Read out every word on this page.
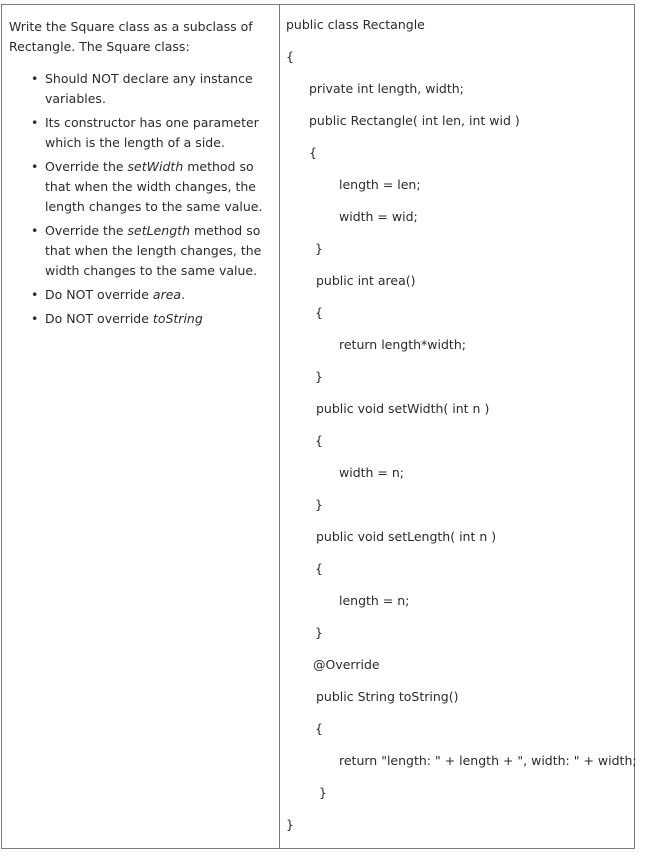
Write the Square class as a subclass of Rectangle. The Square class:

• Should NOT declare any instance variables.
• Its constructor has one parameter which is the length of a side.
• Override the setWidth method so that when the width changes, the length changes to the same value.
• Override the setLength method so that when the length changes, the width changes to the same value.
• Do NOT override area.
• Do NOT override toString
public class Rectangle
{
private int length, width;
public Rectangle( int len, int wid )
{
length = len;
width = wid;
}
public int area()
{
return length*width;
}
public void setWidth( int n )
{
width = n;
}
public void setLength( int n )
{
length = n;
}
@Override
public String toString()
{
return "length: " + length + ", width: " + width;
}
}
